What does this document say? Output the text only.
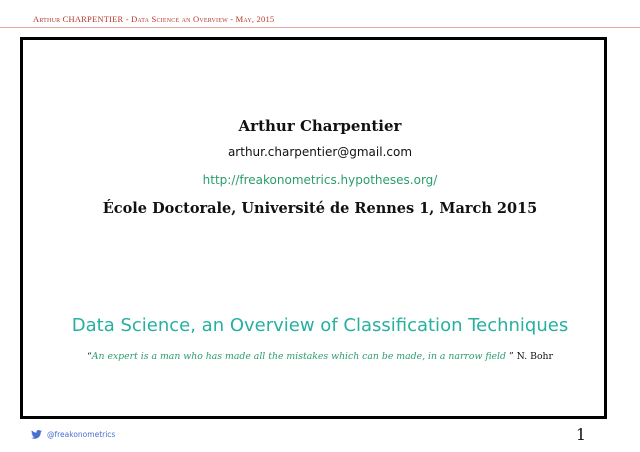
Arthur CHARPENTIER - Data Science an Overview - May, 2015
Arthur Charpentier
arthur.charpentier@gmail.com
http://freakonometrics.hypotheses.org/
École Doctorale, Université de Rennes 1, March 2015
Data Science, an Overview of Classification Techniques
“An expert is a man who has made all the mistakes which can be made, in a narrow field ” N. Bohr
@freakonometrics	1
